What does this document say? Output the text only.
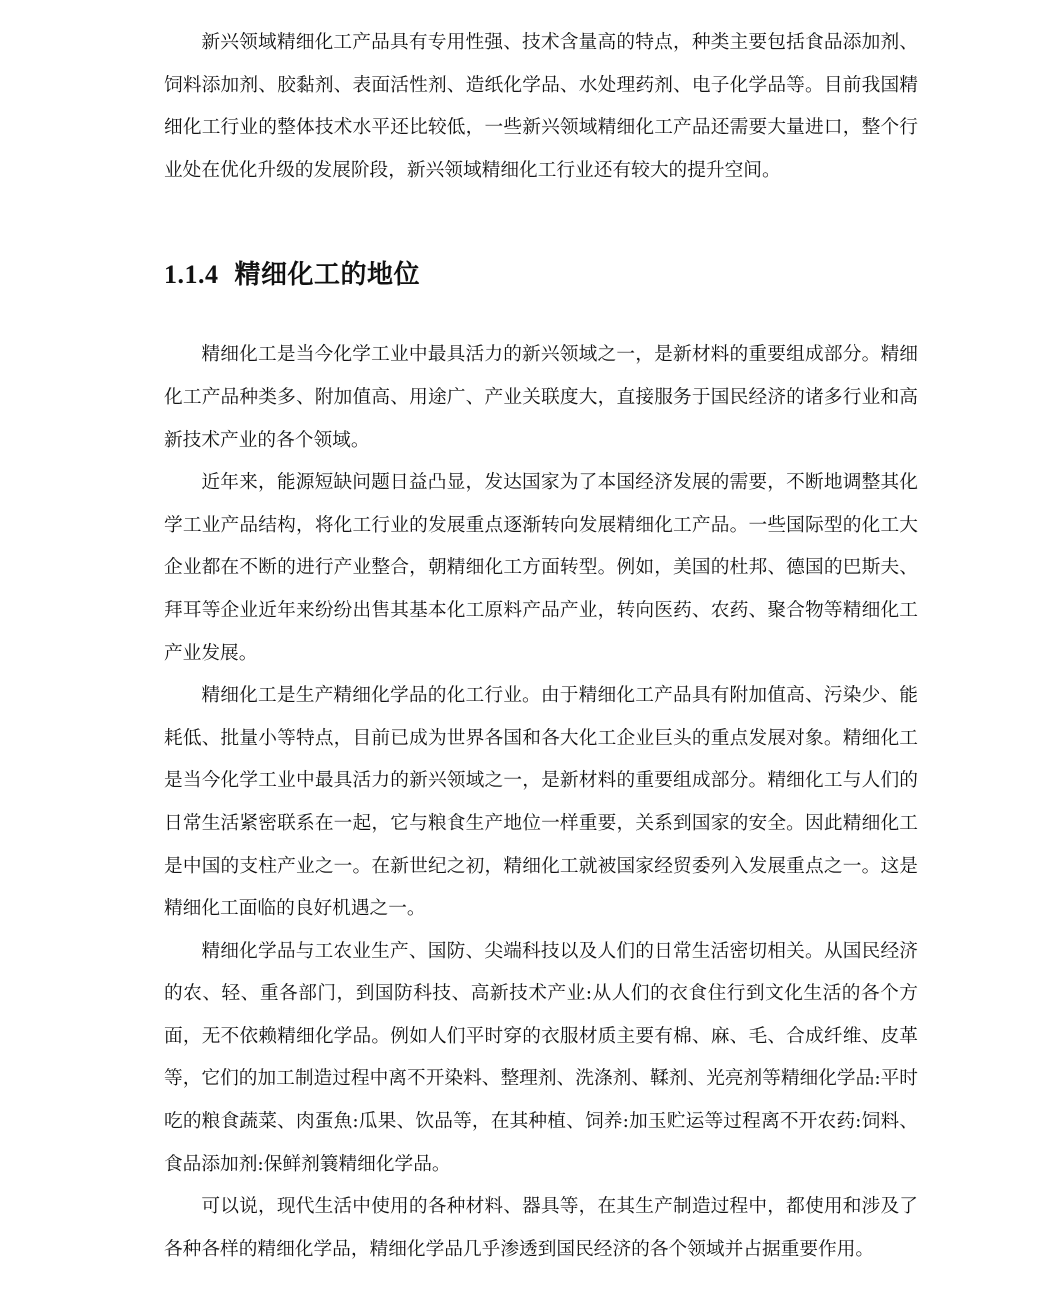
新兴领域精细化工产品具有专用性强、技术含量高的特点，种类主要包括食品添加剂、饲料添加剂、胶黏剂、表面活性剂、造纸化学品、水处理药剂、电子化学品等。目前我国精细化工行业的整体技术水平还比较低，一些新兴领域精细化工产品还需要大量进口，整个行业处在优化升级的发展阶段，新兴领域精细化工行业还有较大的提升空间。

1.1.4 精细化工的地位

精细化工是当今化学工业中最具活力的新兴领域之一，是新材料的重要组成部分。精细化工产品种类多、附加值高、用途广、产业关联度大，直接服务于国民经济的诸多行业和高新技术产业的各个领域。

近年来，能源短缺问题日益凸显，发达国家为了本国经济发展的需要，不断地调整其化学工业产品结构，将化工行业的发展重点逐渐转向发展精细化工产品。一些国际型的化工大企业都在不断的进行产业整合，朝精细化工方面转型。例如，美国的杜邦、德国的巴斯夫、拜耳等企业近年来纷纷出售其基本化工原料产品产业，转向医药、农药、聚合物等精细化工产业发展。

精细化工是生产精细化学品的化工行业。由于精细化工产品具有附加值高、污染少、能耗低、批量小等特点，目前已成为世界各国和各大化工企业巨头的重点发展对象。精细化工是当今化学工业中最具活力的新兴领域之一，是新材料的重要组成部分。精细化工与人们的日常生活紧密联系在一起，它与粮食生产地位一样重要，关系到国家的安全。因此精细化工是中国的支柱产业之一。在新世纪之初，精细化工就被国家经贸委列入发展重点之一。这是精细化工面临的良好机遇之一。

精细化学品与工农业生产、国防、尖端科技以及人们的日常生活密切相关。从国民经济的农、轻、重各部门，到国防科技、高新技术产业:从人们的衣食住行到文化生活的各个方面，无不依赖精细化学品。例如人们平时穿的衣服材质主要有棉、麻、毛、合成纤维、皮革等，它们的加工制造过程中离不开染料、整理剂、洗涤剂、鞣剂、光亮剂等精细化学品:平时吃的粮食蔬菜、肉蛋魚:瓜果、饮品等，在其种植、饲养:加玉贮运等过程离不开农药:饲料、食品添加剂:保鲜剂簔精细化学品。

可以说，现代生活中使用的各种材料、器具等，在其生产制造过程中，都使用和涉及了各种各样的精细化学品，精细化学品几乎渗透到国民经济的各个领域并占据重要作用。
